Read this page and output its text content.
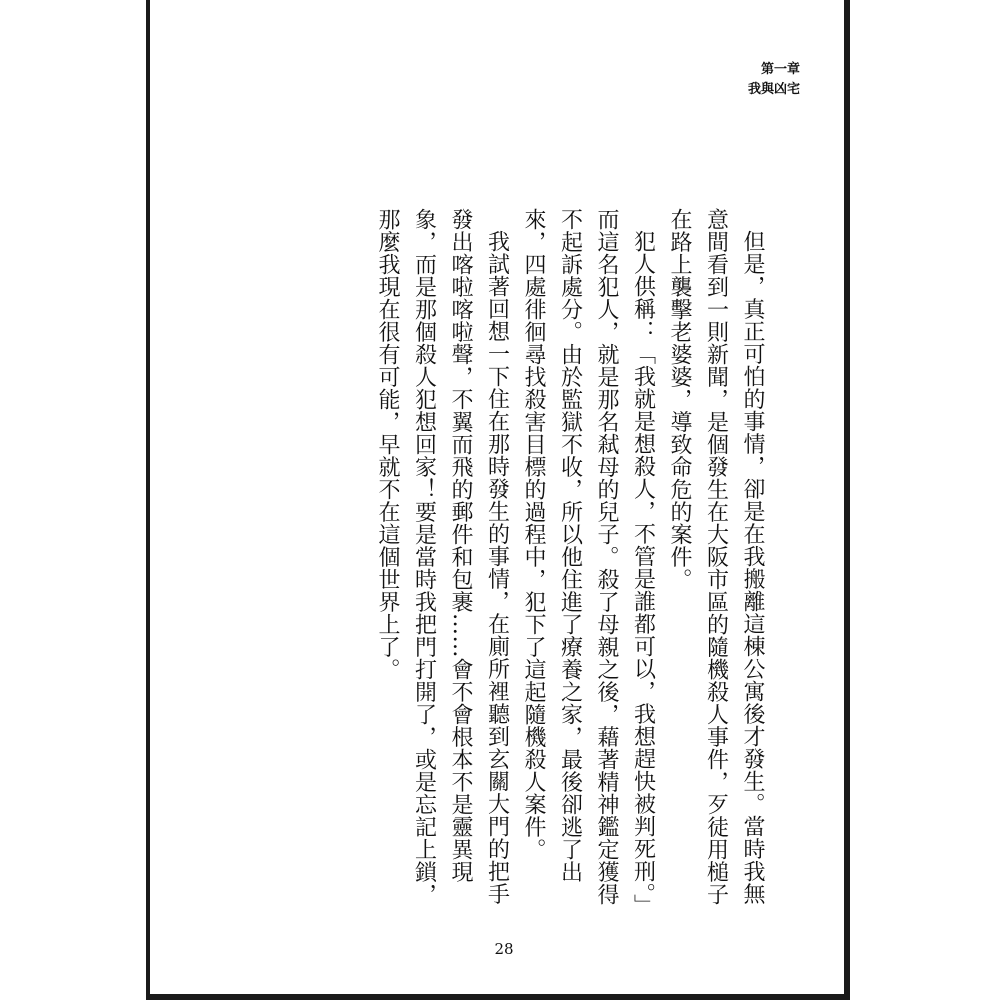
第一章
我與凶宅

但是，真正可怕的事情，卻是在我搬離這棟公寓後才發生。當時我無意間看到一則新聞，是個發生在大阪市區的隨機殺人事件，歹徒用槌子在路上襲擊老婆婆，導致命危的案件。

犯人供稱：「我就是想殺人，不管是誰都可以，我想趕快被判死刑。」而這名犯人，就是那名弒母的兒子。殺了母親之後，藉著精神鑑定獲得不起訴處分。由於監獄不收，所以他住進了療養之家，最後卻逃了出來，四處徘徊尋找殺害目標的過程中，犯下了這起隨機殺人案件。

我試著回想一下住在那時發生的事情，在廁所裡聽到玄關大門的把手發出喀啦喀啦聲，不翼而飛的郵件和包裹……會不會根本不是靈異現象，而是那個殺人犯想回家！要是當時我把門打開了，或是忘記上鎖，那麼我現在很有可能，早就不在這個世界上了。

28
